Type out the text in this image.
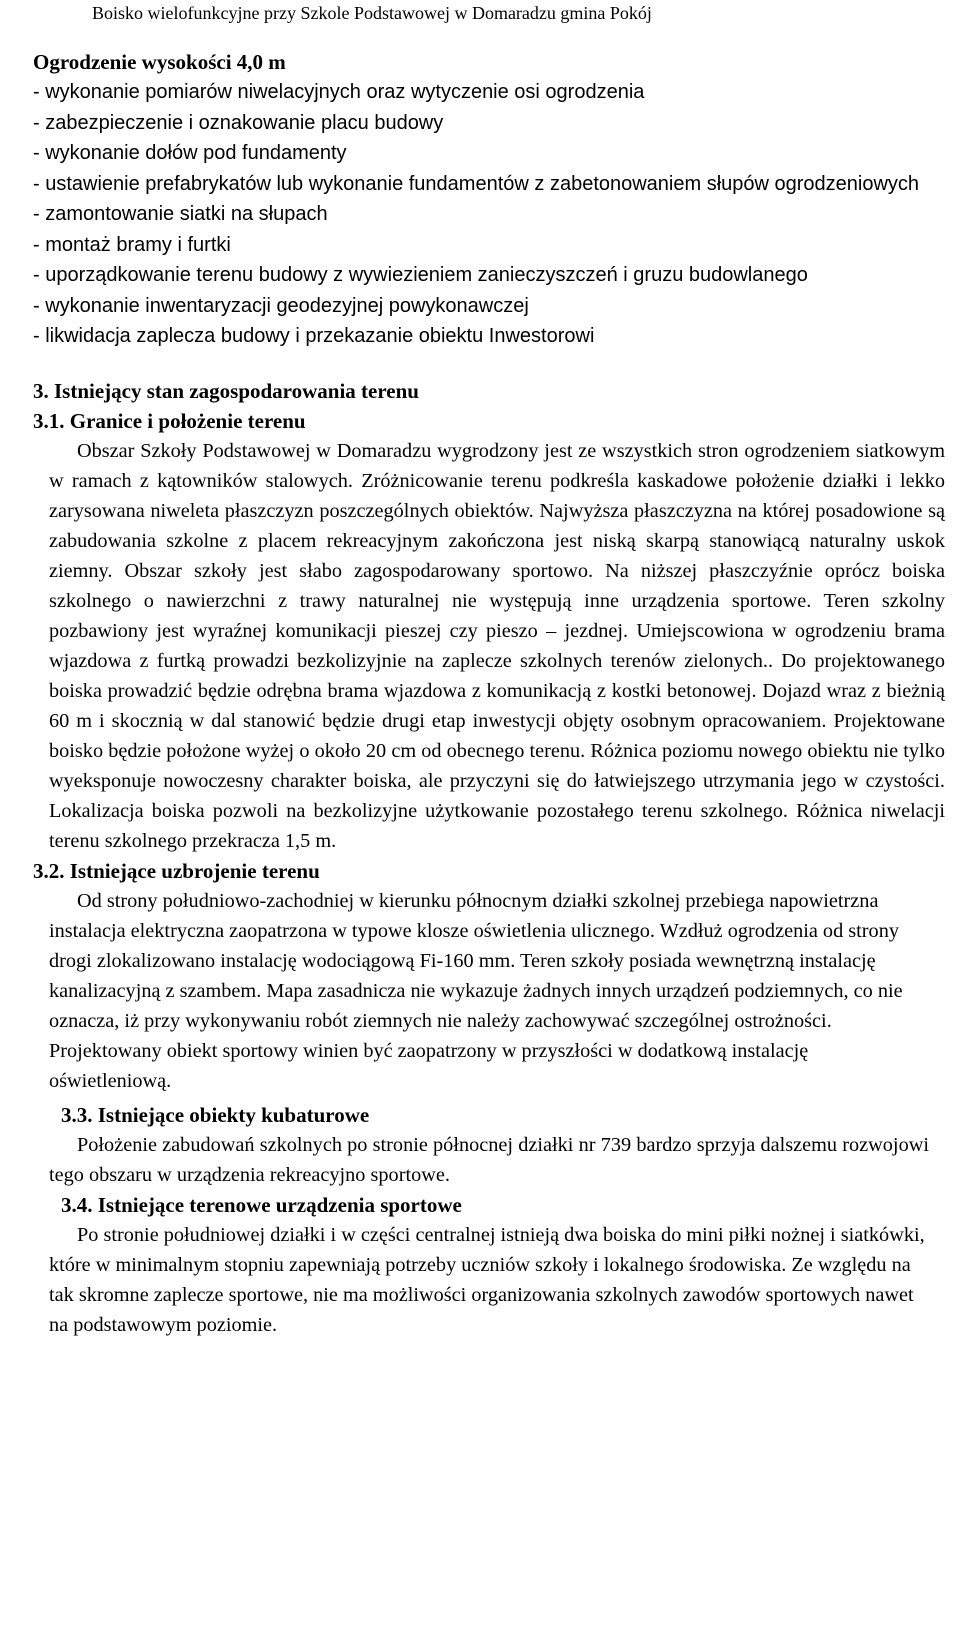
Boisko wielofunkcyjne przy Szkole Podstawowej w Domaradzu gmina Pokój

Ogrodzenie wysokości 4,0 m

- wykonanie pomiarów niwelacyjnych oraz wytyczenie osi ogrodzenia
- zabezpieczenie i oznakowanie placu budowy
- wykonanie dołów pod fundamenty
- ustawienie prefabrykatów lub wykonanie fundamentów z zabetonowaniem słupów ogrodzeniowych
- zamontowanie siatki na słupach
- montaż bramy i furtki
- uporządkowanie terenu budowy z wywiezieniem zanieczyszczeń i gruzu budowlanego
- wykonanie inwentaryzacji geodezyjnej powykonawczej
- likwidacja zaplecza budowy i przekazanie obiektu Inwestorowi
3. Istniejący stan zagospodarowania terenu

3.1. Granice i położenie terenu

Obszar Szkoły Podstawowej w Domaradzu wygrodzony jest ze wszystkich stron ogrodzeniem siatkowym w ramach z kątowników stalowych. Zróżnicowanie terenu podkreśla kaskadowe położenie działki i lekko zarysowana niweleta płaszczyzn poszczególnych obiektów. Najwyższa płaszczyzna na której posadowione są zabudowania szkolne z placem rekreacyjnym zakończona jest niską skarpą stanowiącą naturalny uskok ziemny. Obszar szkoły jest słabo zagospodarowany sportowo. Na niższej płaszczyźnie oprócz boiska szkolnego o nawierzchni z trawy naturalnej nie występują inne urządzenia sportowe. Teren szkolny pozbawiony jest wyraźnej komunikacji pieszej czy pieszo – jezdnej. Umiejscowiona w ogrodzeniu brama wjazdowa z furtką prowadzi bezkolizyjnie na zaplecze szkolnych terenów zielonych.. Do projektowanego boiska prowadzić będzie odrębna brama wjazdowa z komunikacją z kostki betonowej. Dojazd wraz z bieżnią 60 m i skocznią w dal stanowić będzie drugi etap inwestycji objęty osobnym opracowaniem. Projektowane boisko będzie położone wyżej o około 20 cm od obecnego terenu. Różnica poziomu nowego obiektu nie tylko wyeksponuje nowoczesny charakter boiska, ale przyczyni się do łatwiejszego utrzymania jego w czystości. Lokalizacja boiska pozwoli na bezkolizyjne użytkowanie pozostałego terenu szkolnego. Różnica niwelacji terenu szkolnego przekracza 1,5 m.

3.2. Istniejące uzbrojenie terenu

Od strony południowo-zachodniej w kierunku północnym działki szkolnej przebiega napowietrzna instalacja elektryczna zaopatrzona w typowe klosze oświetlenia ulicznego. Wzdłuż ogrodzenia od strony drogi zlokalizowano instalację wodociągową Fi-160 mm. Teren szkoły posiada wewnętrzną instalację kanalizacyjną z szambem. Mapa zasadnicza nie wykazuje żadnych innych urządzeń podziemnych, co nie oznacza, iż przy wykonywaniu robót ziemnych nie należy zachowywać szczególnej ostrożności. Projektowany obiekt sportowy winien być zaopatrzony w przyszłości w dodatkową instalację oświetleniową.

3.3. Istniejące obiekty kubaturowe

Położenie zabudowań szkolnych po stronie północnej działki nr 739 bardzo sprzyja dalszemu rozwojowi tego obszaru w urządzenia rekreacyjno sportowe.

3.4. Istniejące terenowe urządzenia sportowe

Po stronie południowej działki i w części centralnej istnieją dwa boiska do mini piłki nożnej i siatkówki, które w minimalnym stopniu zapewniają potrzeby uczniów szkoły i lokalnego środowiska. Ze względu na tak skromne zaplecze sportowe, nie ma możliwości organizowania szkolnych zawodów sportowych nawet na podstawowym poziomie.
